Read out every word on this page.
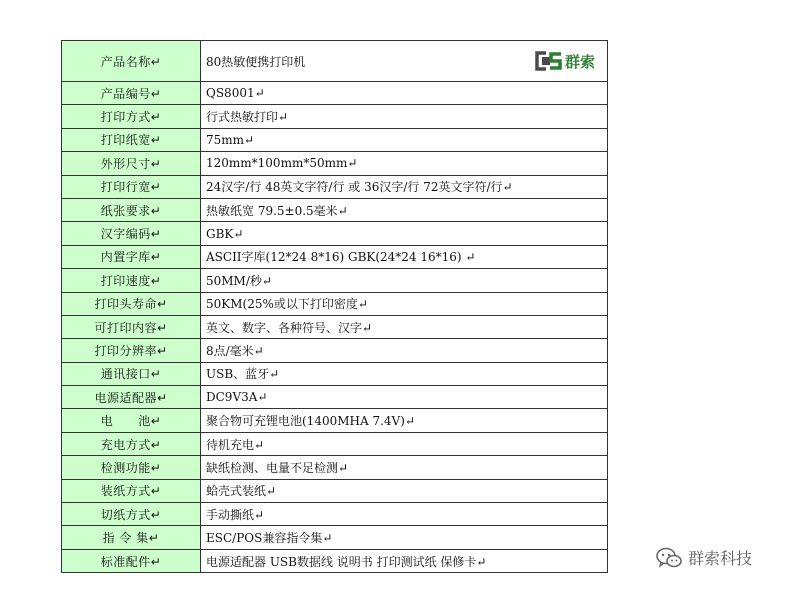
产品名称↵	80热敏便携打印机 群索

产品编号↵	QS8001↵
打印方式↵	行式热敏打印↵
打印纸宽↵	75mm↵
外形尺寸↵	120mm*100mm*50mm↵
打印行宽↵	24汉字/行 48英文字符/行 或 36汉字/行 72英文字符/行↵
纸张要求↵	热敏纸宽 79.5±0.5毫米↵
汉字编码↵	GBK↵
内置字库↵	ASCII字库(12*24 8*16) GBK(24*24 16*16) ↵
打印速度↵	50MM/秒↵
打印头寿命↵	50KM(25%或以下打印密度↵
可打印内容↵	英文、数字、各种符号、汉字↵
打印分辨率↵	8点/毫米↵
通讯接口↵	USB、蓝牙↵
电源适配器↵	DC9V3A↵
电　　池↵	聚合物可充锂电池(1400MHA 7.4V)↵
充电方式↵	待机充电↵
检测功能↵	缺纸检测、电量不足检测↵
装纸方式↵	蛤壳式装纸↵
切纸方式↵	手动撕纸↵
指 令 集↵	ESC/POS兼容指令集↵
标准配件↵	电源适配器 USB数据线 说明书 打印测试纸 保修卡↵	群索科技
